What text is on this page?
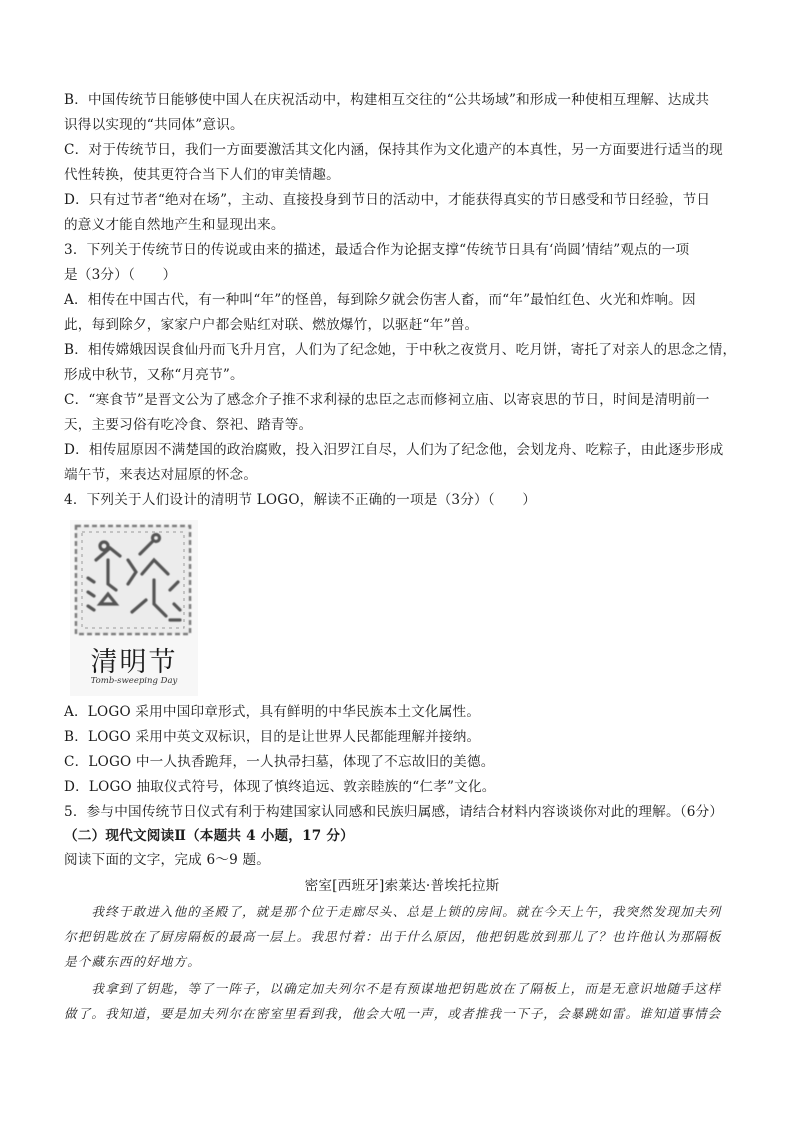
B．中国传统节日能够使中国人在庆祝活动中，构建相互交往的“公共场域”和形成一种使相互理解、达成共
识得以实现的“共同体”意识。
C．对于传统节日，我们一方面要激活其文化内涵，保持其作为文化遗产的本真性，另一方面要进行适当的现
代性转换，使其更符合当下人们的审美情趣。
D．只有过节者“绝对在场”，主动、直接投身到节日的活动中，才能获得真实的节日感受和节日经验，节日
的意义才能自然地产生和显现出来。
3．下列关于传统节日的传说或由来的描述，最适合作为论据支撑“传统节日具有‘尚圆’情结”观点的一项
是（3分）（　　）
A．相传在中国古代，有一种叫“年”的怪兽，每到除夕就会伤害人畜，而“年”最怕红色、火光和炸响。因
此，每到除夕，家家户户都会贴红对联、燃放爆竹，以驱赶“年”兽。
B．相传嫦娥因误食仙丹而飞升月宫，人们为了纪念她，于中秋之夜赏月、吃月饼，寄托了对亲人的思念之情，
形成中秋节，又称“月亮节”。
C．“寒食节”是晋文公为了感念介子推不求利禄的忠臣之志而修祠立庙、以寄哀思的节日，时间是清明前一
天，主要习俗有吃冷食、祭祀、踏青等。
D．相传屈原因不满楚国的政治腐败，投入汨罗江自尽，人们为了纪念他，会划龙舟、吃粽子，由此逐步形成
端午节，来表达对屈原的怀念。
4．下列关于人们设计的清明节 LOGO，解读不正确的一项是（3分）（　　）
清明节
Tomb-sweeping Day
A．LOGO 采用中国印章形式，具有鲜明的中华民族本土文化属性。
B．LOGO 采用中英文双标识，目的是让世界人民都能理解并接纳。
C．LOGO 中一人执香跪拜，一人执帚扫墓，体现了不忘故旧的美德。
D．LOGO 抽取仪式符号，体现了慎终追远、敦亲睦族的“仁孝”文化。
5．参与中国传统节日仪式有利于构建国家认同感和民族归属感，请结合材料内容谈谈你对此的理解。（6分）
（二）现代文阅读Ⅱ（本题共 4 小题，17 分）
阅读下面的文字，完成 6～9 题。
密室[西班牙]索莱达·普埃托拉斯
　　我终于敢进入他的圣殿了，就是那个位于走廊尽头、总是上锁的房间。就在今天上午，我突然发现加夫列
尔把钥匙放在了厨房隔板的最高一层上。我思忖着：出于什么原因，他把钥匙放到那儿了？也许他认为那隔板
是个藏东西的好地方。
　　我拿到了钥匙，等了一阵子，以确定加夫列尔不是有预谋地把钥匙放在了隔板上，而是无意识地随手这样
做了。我知道，要是加夫列尔在密室里看到我，他会大吼一声，或者推我一下子，会暴跳如雷。谁知道事情会
